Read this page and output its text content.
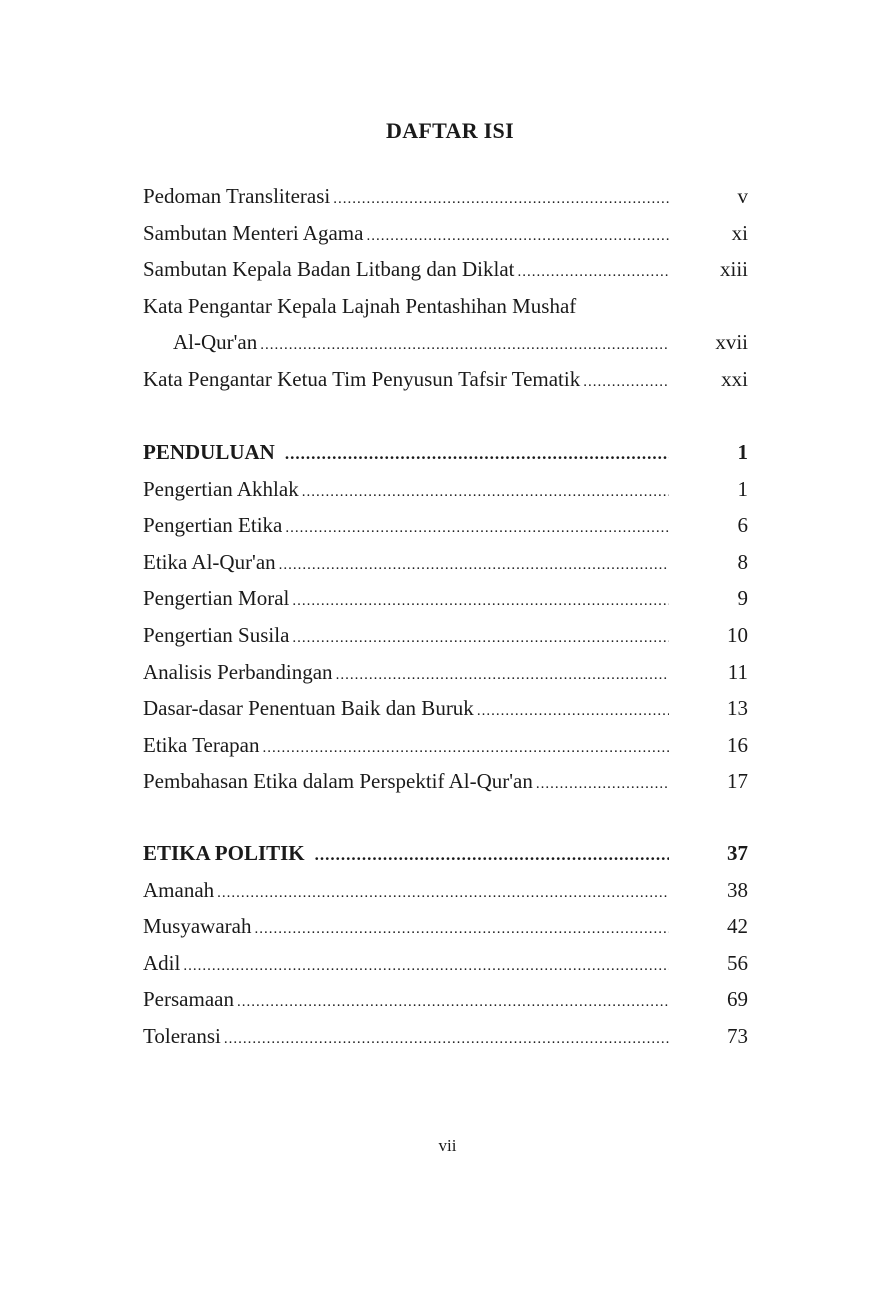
DAFTAR ISI
Pedoman Transliterasi .....	v
Sambutan Menteri Agama .....	xi
Sambutan Kepala Badan Litbang dan Diklat .....	xiii
Kata Pengantar Kepala Lajnah Pentashihan Mushaf
Al-Qur'an .....	xvii
Kata Pengantar Ketua Tim Penyusun Tafsir Tematik .....	xxi
PENDULUAN .....	1
Pengertian Akhlak .....	1
Pengertian Etika .....	6
Etika Al-Qur'an .....	8
Pengertian Moral .....	9
Pengertian Susila .....	10
Analisis Perbandingan .....	11
Dasar-dasar Penentuan Baik dan Buruk .....	13
Etika Terapan .....	16
Pembahasan Etika dalam Perspektif Al-Qur'an .....	17
ETIKA POLITIK .....	37
Amanah .....	38
Musyawarah .....	42
Adil .....	56
Persamaan .....	69
Toleransi .....	73
vii
